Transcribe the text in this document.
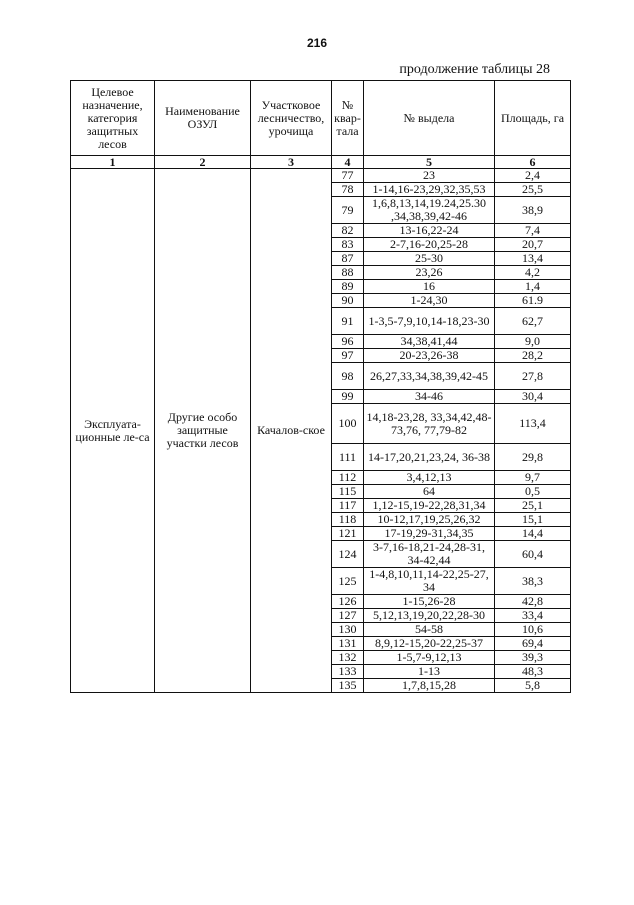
216
продолжение таблицы 28
Целевое назначение, категория защитных лесов	Наименование ОЗУЛ	Участковое лесничество, урочища	№ квар-тала	№ выдела	Площадь, га
1	2	3	4	5	6
Эксплуата-ционные ле-са	Другие особо защитные участки лесов	Качалов-ское	77	23	2,4
			78	1-14,16-23,29,32,35,53	25,5
			79	1,6,8,13,14,19.24,25.30 ,34,38,39,42-46	38,9
			82	13-16,22-24	7,4
			83	2-7,16-20,25-28	20,7
			87	25-30	13,4
			88	23,26	4,2
			89	16	1,4
			90	1-24,30	61.9
			91	1-3,5-7,9,10,14-18,23-30	62,7
			96	34,38,41,44	9,0
			97	20-23,26-38	28,2
			98	26,27,33,34,38,39,42-45	27,8
			99	34-46	30,4
			100	14,18-23,28, 33,34,42,48-73,76, 77,79-82	113,4
			111	14-17,20,21,23,24, 36-38	29,8
			112	3,4,12,13	9,7
			115	64	0,5
			117	1,12-15,19-22,28,31,34	25,1
			118	10-12,17,19,25,26,32	15,1
			121	17-19,29-31,34,35	14,4
			124	3-7,16-18,21-24,28-31, 34-42,44	60,4
			125	1-4,8,10,11,14-22,25-27, 34	38,3
			126	1-15,26-28	42,8
			127	5,12,13,19,20,22,28-30	33,4
			130	54-58	10,6
			131	8,9,12-15,20-22,25-37	69,4
			132	1-5,7-9,12,13	39,3
			133	1-13	48,3
			135	1,7,8,15,28	5,8
